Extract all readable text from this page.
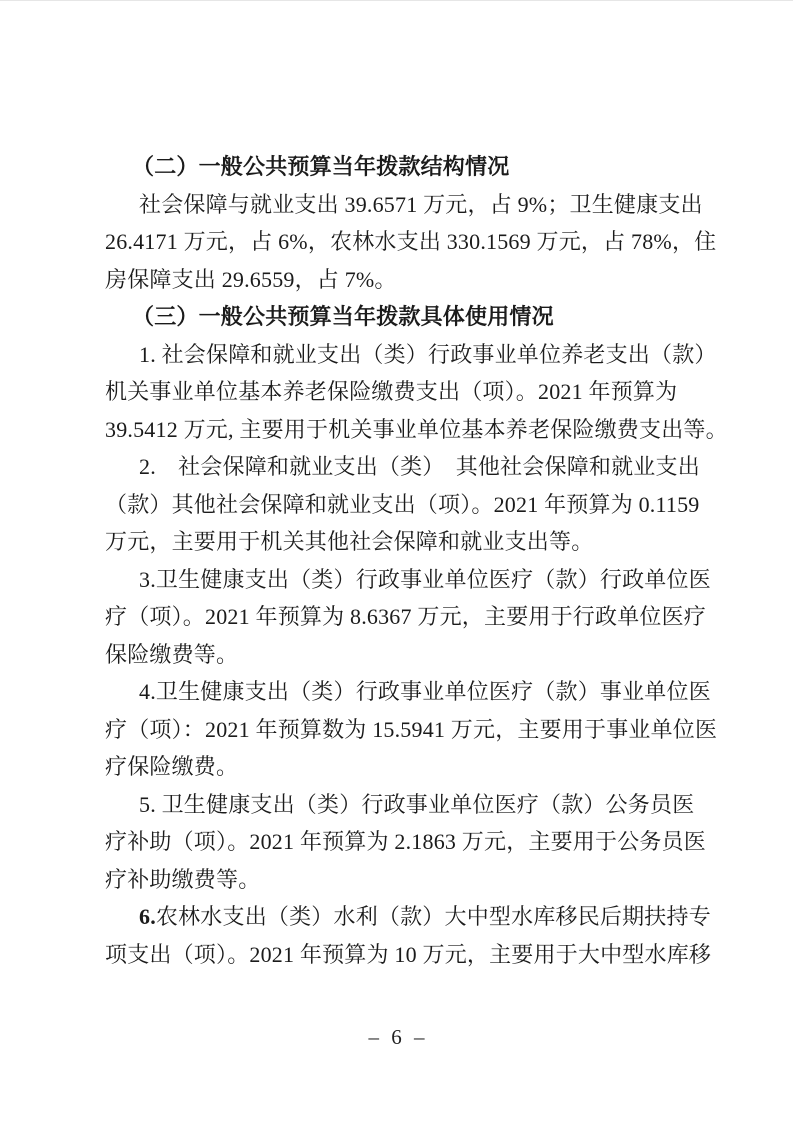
（二）一般公共预算当年拨款结构情况
社会保障与就业支出 39.6571 万元，占 9%；卫生健康支出
26.4171 万元，占 6%，农林水支出 330.1569 万元，占 78%，住
房保障支出 29.6559，占 7%。
（三）一般公共预算当年拨款具体使用情况
1. 社会保障和就业支出（类）行政事业单位养老支出（款）
机关事业单位基本养老保险缴费支出（项）。2021 年预算为
39.5412 万元, 主要用于机关事业单位基本养老保险缴费支出等。
2.　社会保障和就业支出（类）　其他社会保障和就业支出
（款）其他社会保障和就业支出（项）。2021 年预算为 0.1159
万元，主要用于机关其他社会保障和就业支出等。
3.卫生健康支出（类）行政事业单位医疗（款）行政单位医
疗（项）。2021 年预算为 8.6367 万元，主要用于行政单位医疗
保险缴费等。
4.卫生健康支出（类）行政事业单位医疗（款）事业单位医
疗（项）：2021 年预算数为 15.5941 万元，主要用于事业单位医
疗保险缴费。
5. 卫生健康支出（类）行政事业单位医疗（款）公务员医
疗补助（项）。2021 年预算为 2.1863 万元，主要用于公务员医
疗补助缴费等。
6.农林水支出（类）水利（款）大中型水库移民后期扶持专
项支出（项）。2021 年预算为 10 万元，主要用于大中型水库移
– 6 –
